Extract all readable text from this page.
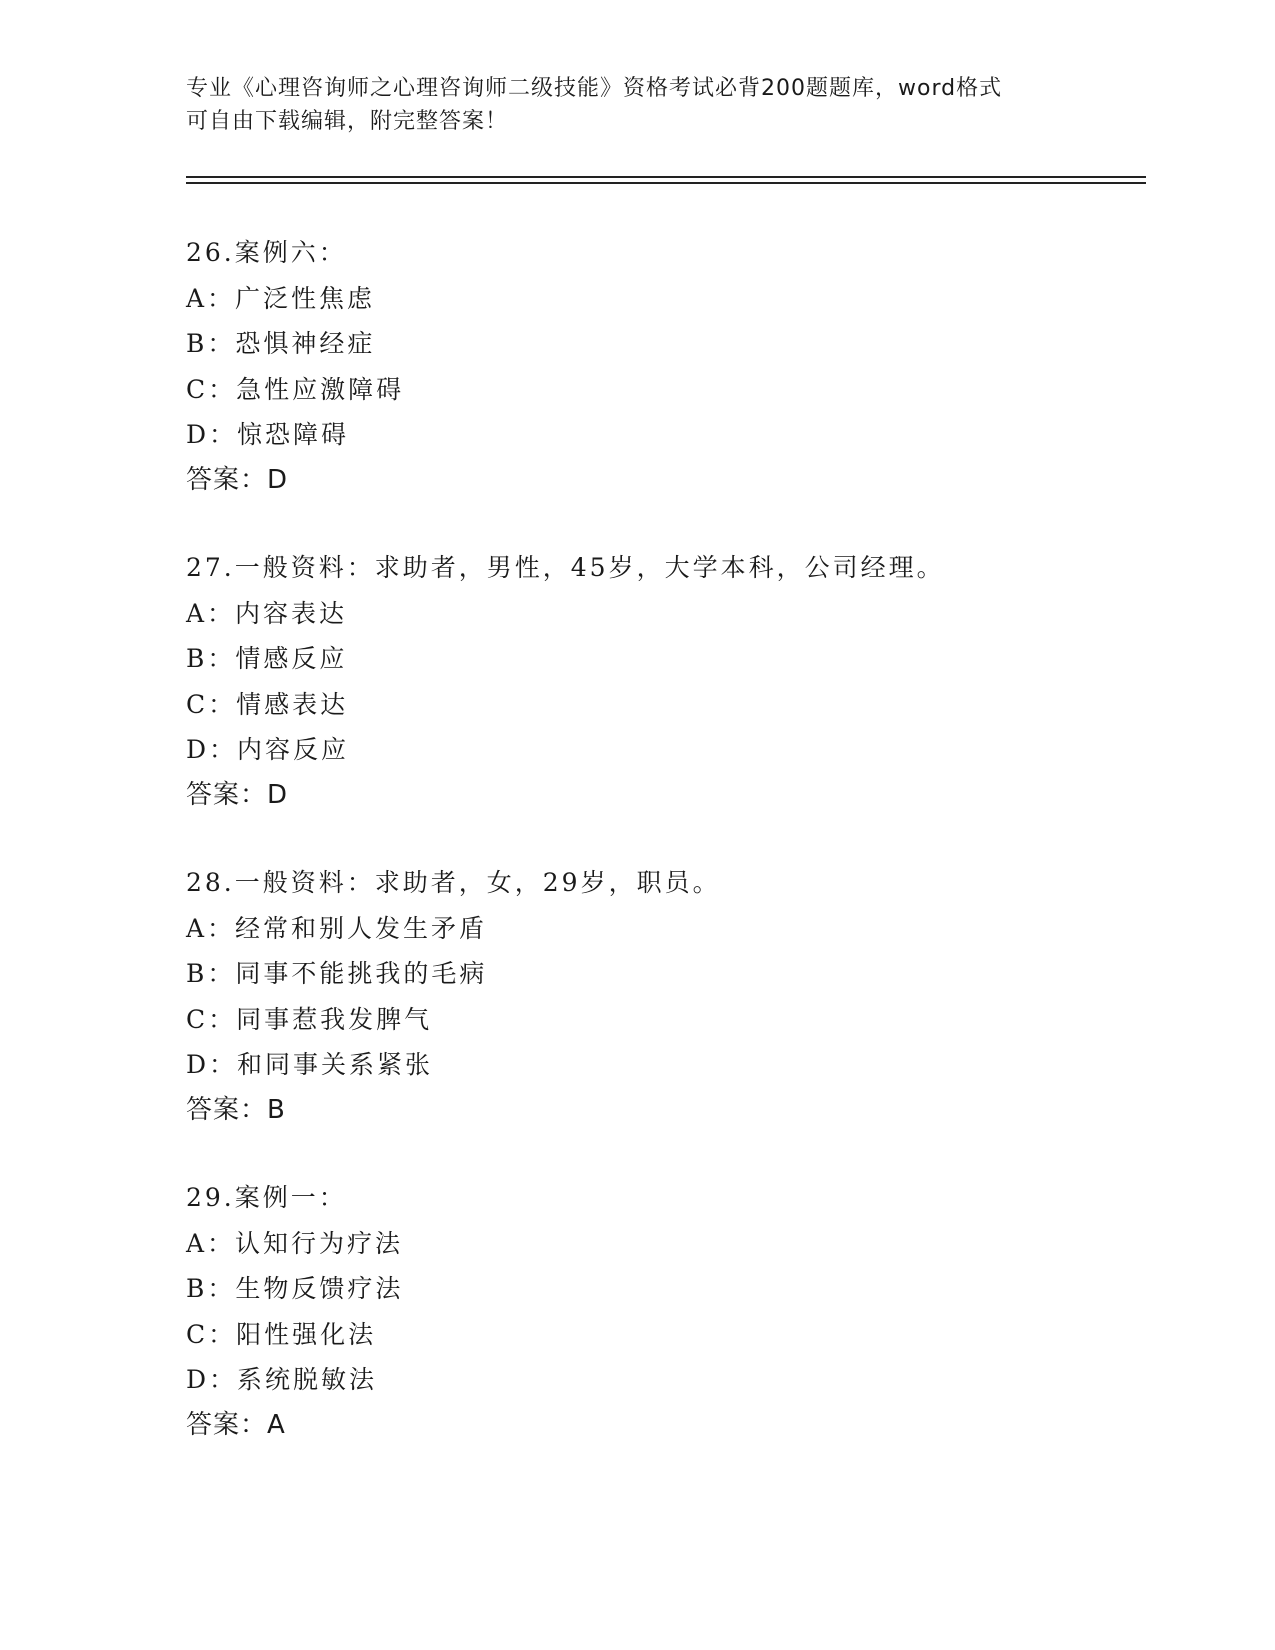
专业《心理咨询师之心理咨询师二级技能》资格考试必背200题题库，word格式
可自由下载编辑，附完整答案！
26.案例六：
A：广泛性焦虑
B：恐惧神经症
C：急性应激障碍
D：惊恐障碍
答案：D
27.一般资料：求助者，男性，45岁，大学本科，公司经理。
A：内容表达
B：情感反应
C：情感表达
D：内容反应
答案：D
28.一般资料：求助者，女，29岁，职员。
A：经常和别人发生矛盾
B：同事不能挑我的毛病
C：同事惹我发脾气
D：和同事关系紧张
答案：B
29.案例一：
A：认知行为疗法
B：生物反馈疗法
C：阳性强化法
D：系统脱敏法
答案：A
